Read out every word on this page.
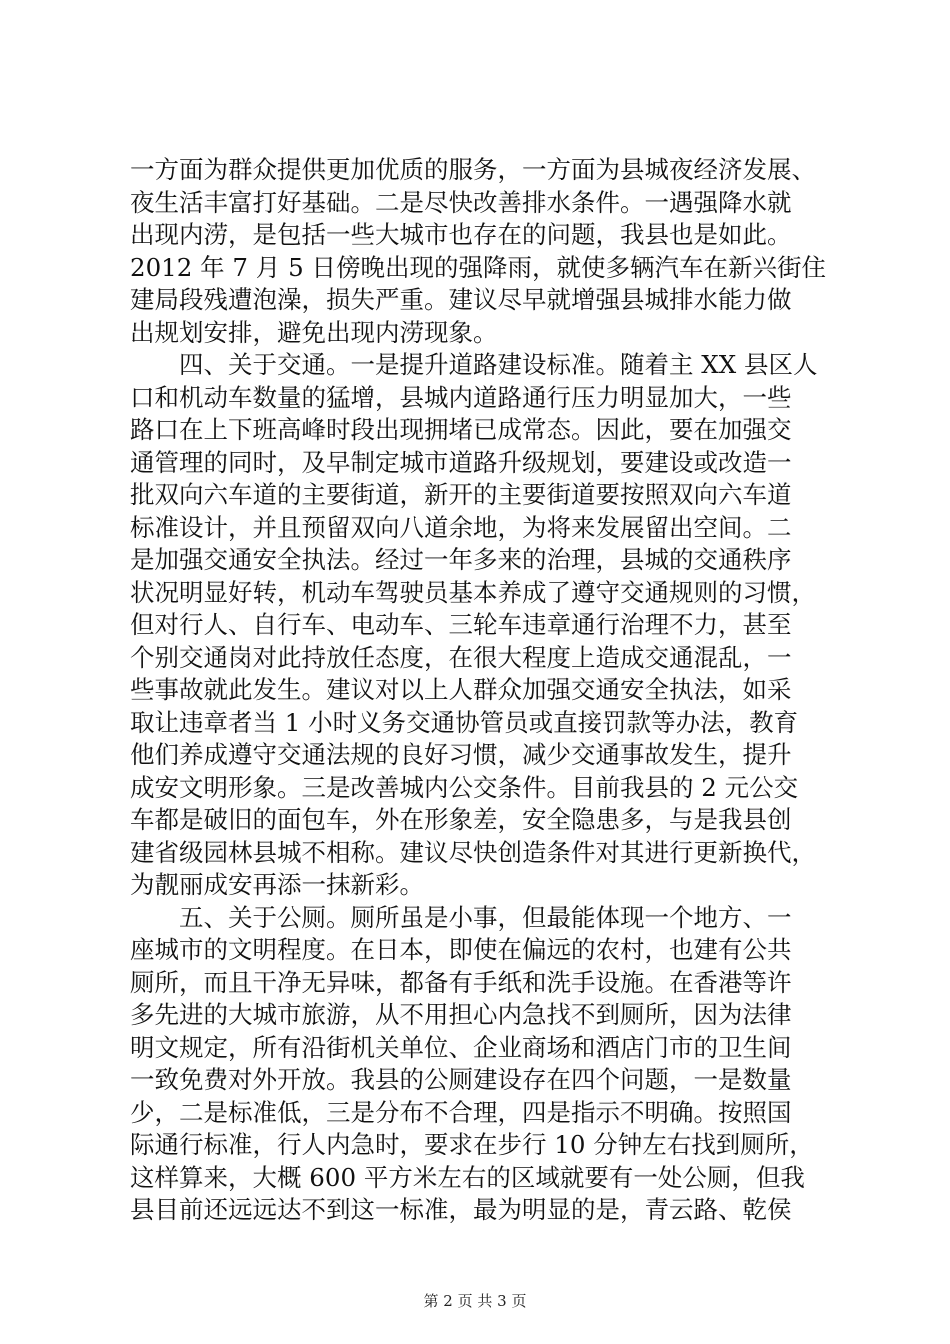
一方面为群众提供更加优质的服务，一方面为县城夜经济发展、
夜生活丰富打好基础。二是尽快改善排水条件。一遇强降水就
出现内涝，是包括一些大城市也存在的问题，我县也是如此。
2012 年 7 月 5 日傍晚出现的强降雨，就使多辆汽车在新兴街住
建局段残遭泡澡，损失严重。建议尽早就增强县城排水能力做
出规划安排，避免出现内涝现象。
　　四、关于交通。一是提升道路建设标准。随着主 XX 县区人
口和机动车数量的猛增，县城内道路通行压力明显加大，一些
路口在上下班高峰时段出现拥堵已成常态。因此，要在加强交
通管理的同时，及早制定城市道路升级规划，要建设或改造一
批双向六车道的主要街道，新开的主要街道要按照双向六车道
标准设计，并且预留双向八道余地，为将来发展留出空间。二
是加强交通安全执法。经过一年多来的治理，县城的交通秩序
状况明显好转，机动车驾驶员基本养成了遵守交通规则的习惯，
但对行人、自行车、电动车、三轮车违章通行治理不力，甚至
个别交通岗对此持放任态度，在很大程度上造成交通混乱，一
些事故就此发生。建议对以上人群众加强交通安全执法，如采
取让违章者当 1 小时义务交通协管员或直接罚款等办法，教育
他们养成遵守交通法规的良好习惯，减少交通事故发生，提升
成安文明形象。三是改善城内公交条件。目前我县的 2 元公交
车都是破旧的面包车，外在形象差，安全隐患多，与是我县创
建省级园林县城不相称。建议尽快创造条件对其进行更新换代，
为靓丽成安再添一抹新彩。
　　五、关于公厕。厕所虽是小事，但最能体现一个地方、一
座城市的文明程度。在日本，即使在偏远的农村，也建有公共
厕所，而且干净无异味，都备有手纸和洗手设施。在香港等许
多先进的大城市旅游，从不用担心内急找不到厕所，因为法律
明文规定，所有沿街机关单位、企业商场和酒店门市的卫生间
一致免费对外开放。我县的公厕建设存在四个问题，一是数量
少，二是标准低，三是分布不合理，四是指示不明确。按照国
际通行标准，行人内急时，要求在步行 10 分钟左右找到厕所，
这样算来，大概 600 平方米左右的区域就要有一处公厕，但我
县目前还远远达不到这一标准，最为明显的是，青云路、乾侯
第 2 页 共 3 页
